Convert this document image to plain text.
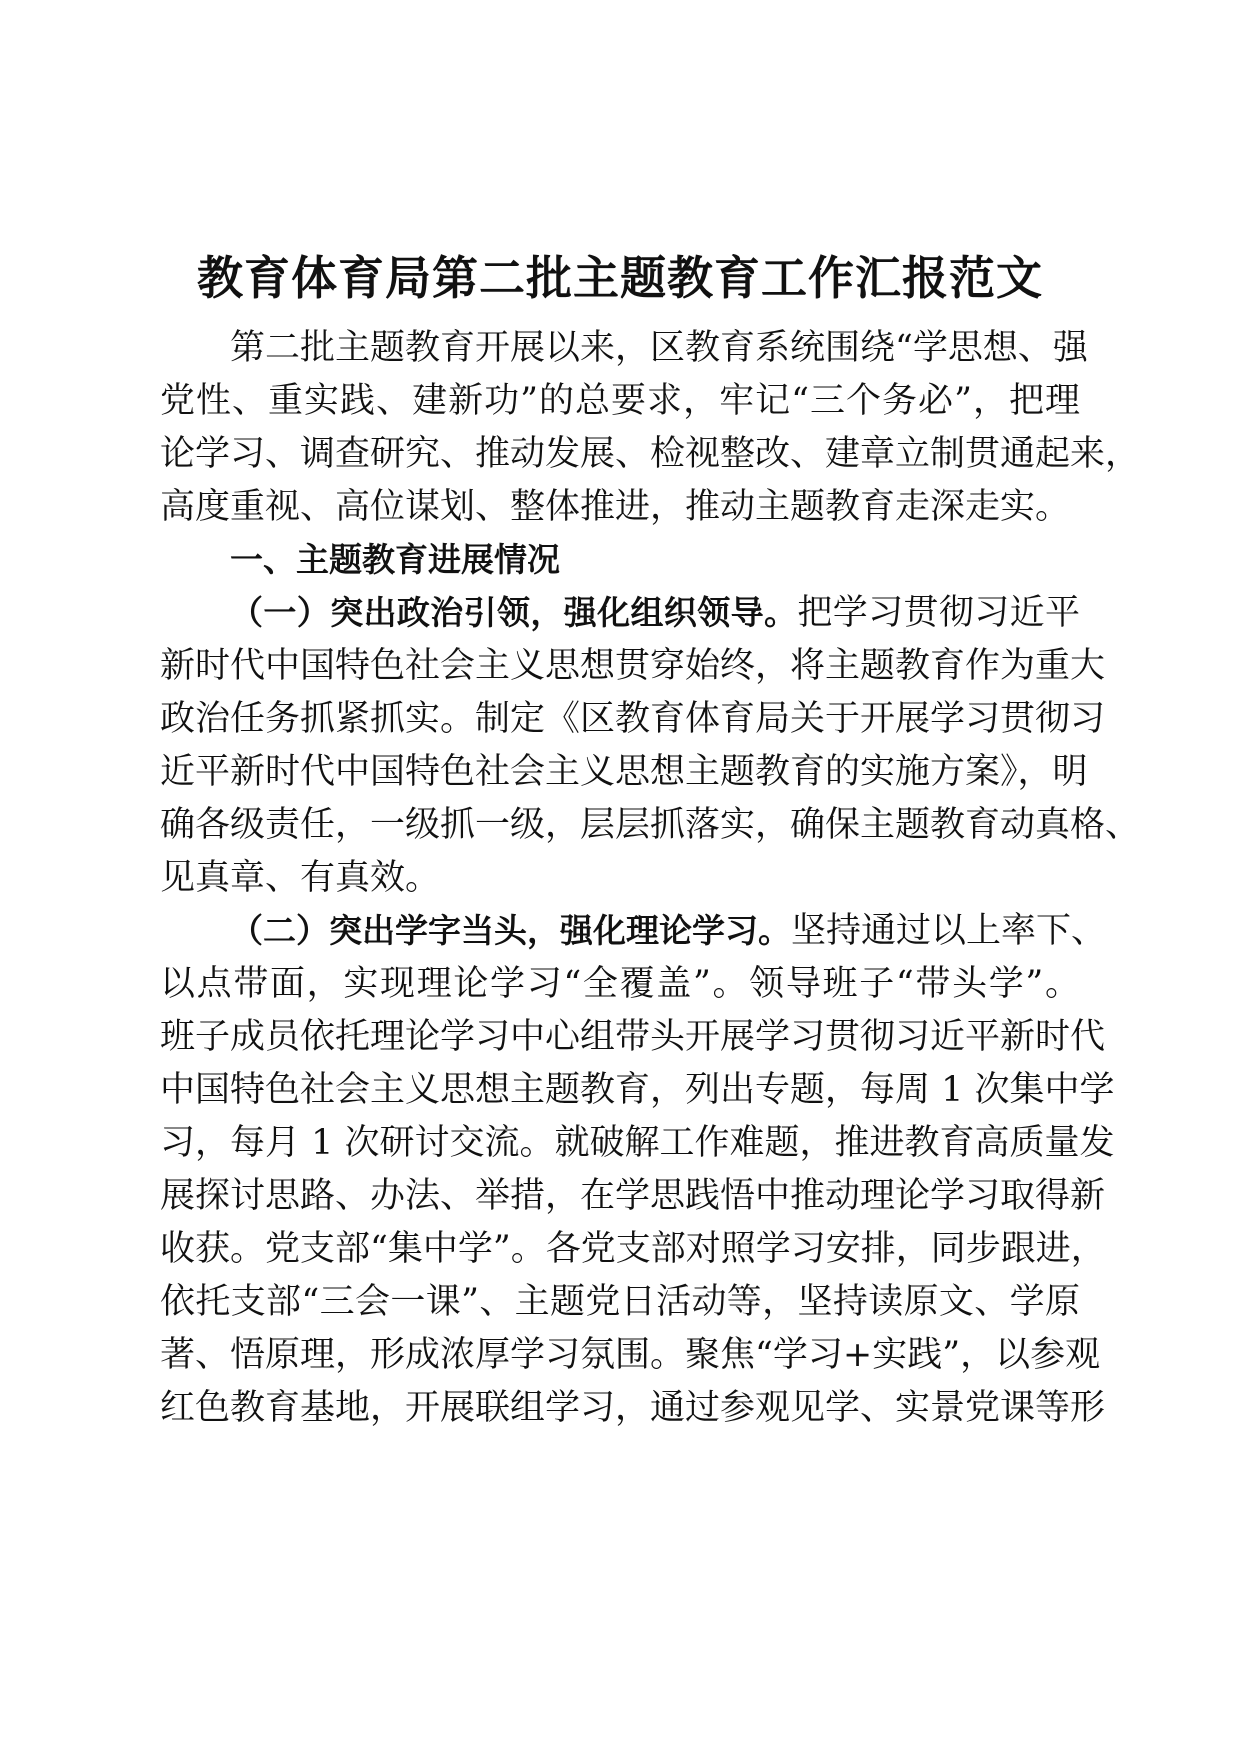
教育体育局第二批主题教育工作汇报范文
第二批主题教育开展以来，区教育系统围绕“学思想、强
党性、重实践、建新功”的总要求，牢记“三个务必”，把理
论学习、调查研究、推动发展、检视整改、建章立制贯通起来，
高度重视、高位谋划、整体推进，推动主题教育走深走实。
一、主题教育进展情况
（一）突出政治引领，强化组织领导。把学习贯彻习近平
新时代中国特色社会主义思想贯穿始终，将主题教育作为重大
政治任务抓紧抓实。制定《区教育体育局关于开展学习贯彻习
近平新时代中国特色社会主义思想主题教育的实施方案》，明
确各级责任，一级抓一级，层层抓落实，确保主题教育动真格、
见真章、有真效。
（二）突出学字当头，强化理论学习。坚持通过以上率下、
以点带面，实现理论学习“全覆盖”。领导班子“带头学”。
班子成员依托理论学习中心组带头开展学习贯彻习近平新时代
中国特色社会主义思想主题教育，列出专题，每周 1 次集中学
习，每月 1 次研讨交流。就破解工作难题，推进教育高质量发
展探讨思路、办法、举措，在学思践悟中推动理论学习取得新
收获。党支部“集中学”。各党支部对照学习安排，同步跟进，
依托支部“三会一课”、主题党日活动等，坚持读原文、学原
著、悟原理，形成浓厚学习氛围。聚焦“学习+实践”，以参观
红色教育基地，开展联组学习，通过参观见学、实景党课等形
